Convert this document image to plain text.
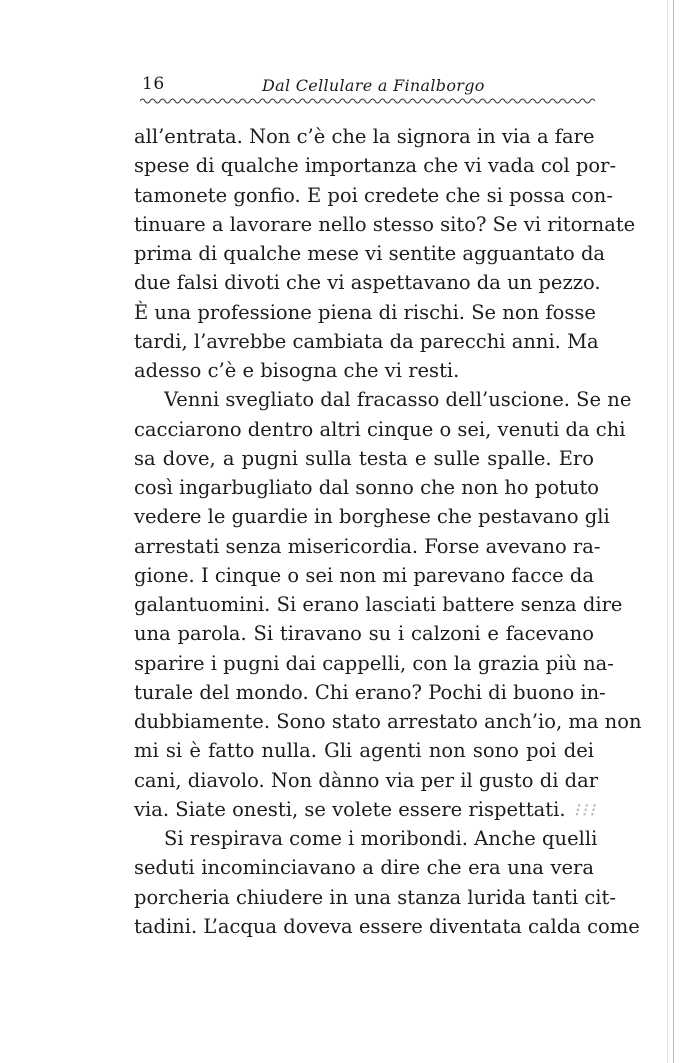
16	Dal Cellulare a Finalborgo
all’entrata. Non c’è che la signora in via a fare
spese di qualche importanza che vi vada col por-
tamonete gonfio. E poi credete che si possa con-
tinuare a lavorare nello stesso sito? Se vi ritornate
prima di qualche mese vi sentite agguantato da
due falsi divoti che vi aspettavano da un pezzo.
È una professione piena di rischi. Se non fosse
tardi, l’avrebbe cambiata da parecchi anni. Ma
adesso c’è e bisogna che vi resti.
Venni svegliato dal fracasso dell’uscione. Se ne
cacciarono dentro altri cinque o sei, venuti da chi
sa dove, a pugni sulla testa e sulle spalle. Ero
così ingarbugliato dal sonno che non ho potuto
vedere le guardie in borghese che pestavano gli
arrestati senza misericordia. Forse avevano ra-
gione. I cinque o sei non mi parevano facce da
galantuomini. Si erano lasciati battere senza dire
una parola. Si tiravano su i calzoni e facevano
sparire i pugni dai cappelli, con la grazia più na-
turale del mondo. Chi erano? Pochi di buono in-
dubbiamente. Sono stato arrestato anch’io, ma non
mi si è fatto nulla. Gli agenti non sono poi dei
cani, diavolo. Non dànno via per il gusto di dar
via. Siate onesti, se volete essere rispettati. ⁝⁝⁝
Si respirava come i moribondi. Anche quelli
seduti incominciavano a dire che era una vera
porcheria chiudere in una stanza lurida tanti cit-
tadini. L’acqua doveva essere diventata calda come
